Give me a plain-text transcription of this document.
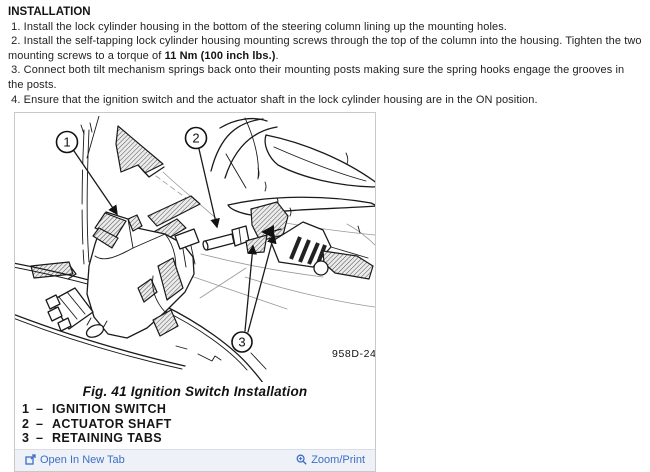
INSTALLATION

1. Install the lock cylinder housing in the bottom of the steering column lining up the mounting holes.

2. Install the self-tapping lock cylinder housing mounting screws through the top of the column into the housing. Tighten the two mounting screws to a torque of 11 Nm (100 inch lbs.).

3. Connect both tilt mechanism springs back onto their mounting posts making sure the spring hooks engage the grooves in the posts.

4. Ensure that the ignition switch and the actuator shaft in the lock cylinder housing are in the ON position.

1	2
3
958D-24
Fig. 41 Ignition Switch Installation
1 – IGNITION SWITCH
2 – ACTUATOR SHAFT
3 – RETAINING TABS
Open In New Tab	Zoom/Print
